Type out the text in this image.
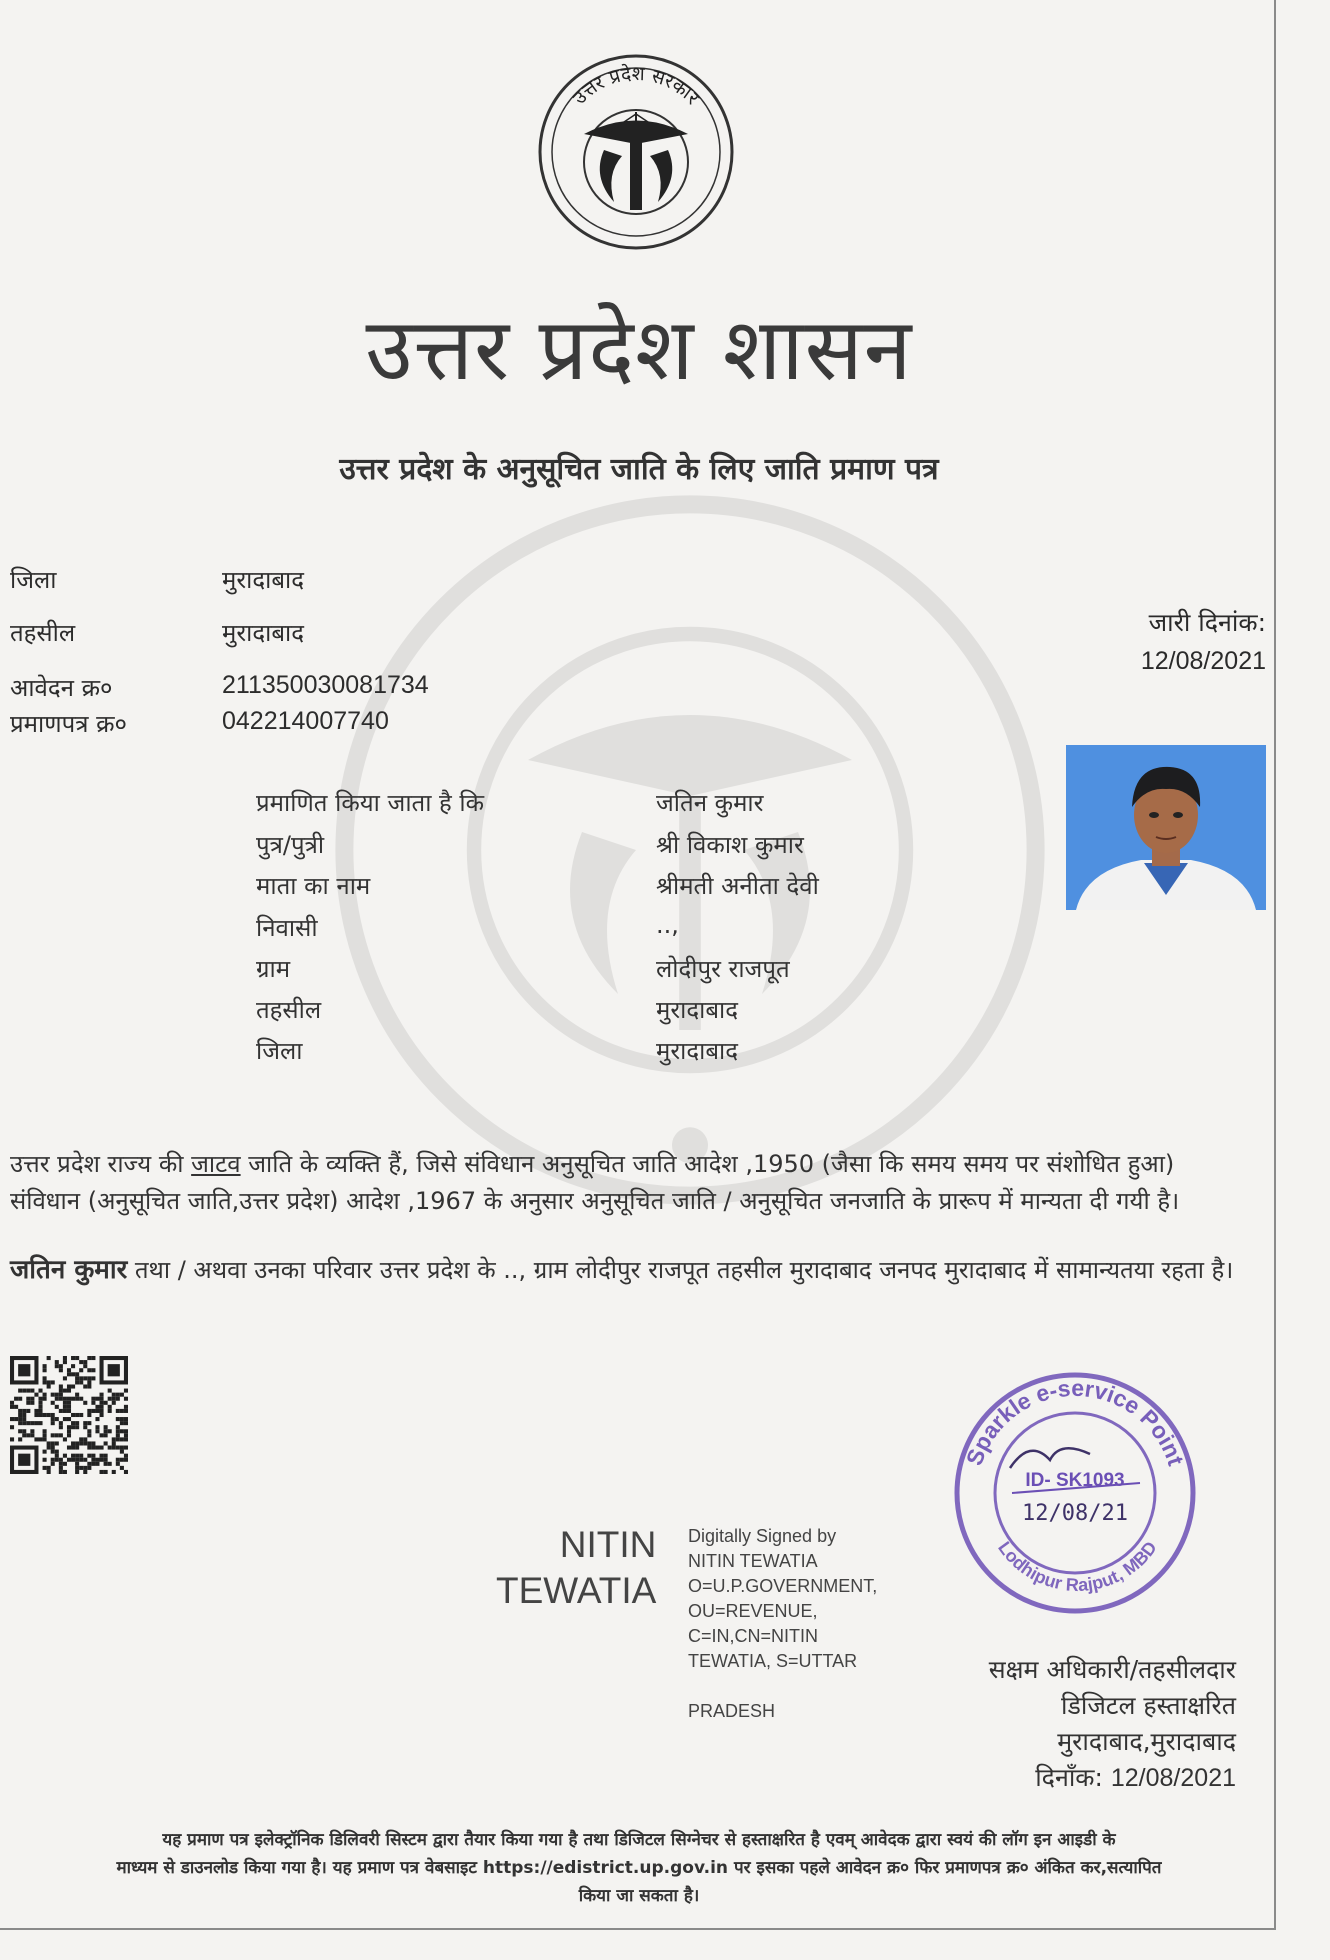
उत्तर प्रदेश सरकार
उत्तर प्रदेश शासन
उत्तर प्रदेश के अनुसूचित जाति के लिए जाति प्रमाण पत्र
जिला	मुरादाबाद
तहसील	मुरादाबाद
आवेदन क्र०	211350030081734
प्रमाणपत्र क्र०	042214007740
जारी दिनांक:
12/08/2021
प्रमाणित किया जाता है कि	जतिन कुमार
पुत्र/पुत्री	श्री विकाश कुमार
माता का नाम	श्रीमती अनीता देवी
निवासी	..,
ग्राम	लोदीपुर राजपूत
तहसील	मुरादाबाद
जिला	मुरादाबाद
उत्तर प्रदेश राज्य की जाटव जाति के व्यक्ति हैं, जिसे संविधान अनुसूचित जाति आदेश ,1950 (जैसा कि समय समय पर संशोधित हुआ) संविधान (अनुसूचित जाति,उत्तर प्रदेश) आदेश ,1967 के अनुसार अनुसूचित जाति / अनुसूचित जनजाति के प्रारूप में मान्यता दी गयी है।
जतिन कुमार तथा / अथवा उनका परिवार उत्तर प्रदेश के .., ग्राम लोदीपुर राजपूत तहसील मुरादाबाद जनपद मुरादाबाद में सामान्यतया रहता है।
NITIN
TEWATIA
Digitally Signed by
NITIN TEWATIA
O=U.P.GOVERNMENT,
OU=REVENUE,
C=IN,CN=NITIN
TEWATIA, S=UTTAR
PRADESH
Sparkle e-service Point
Lodhipur Rajput, MBD
ID- SK1093
12/08/21
सक्षम अधिकारी/तहसीलदार
डिजिटल हस्ताक्षरित
मुरादाबाद,मुरादाबाद
दिनाँक: 12/08/2021
यह प्रमाण पत्र इलेक्ट्रॉनिक डिलिवरी सिस्टम द्वारा तैयार किया गया है तथा डिजिटल सिग्नेचर से हस्ताक्षरित है एवम् आवेदक द्वारा स्वयं की लॉग इन आइडी के
माध्यम से डाउनलोड किया गया है। यह प्रमाण पत्र वेबसाइट https://edistrict.up.gov.in पर इसका पहले आवेदन क्र० फिर प्रमाणपत्र क्र० अंकित कर,सत्यापित
किया जा सकता है।
